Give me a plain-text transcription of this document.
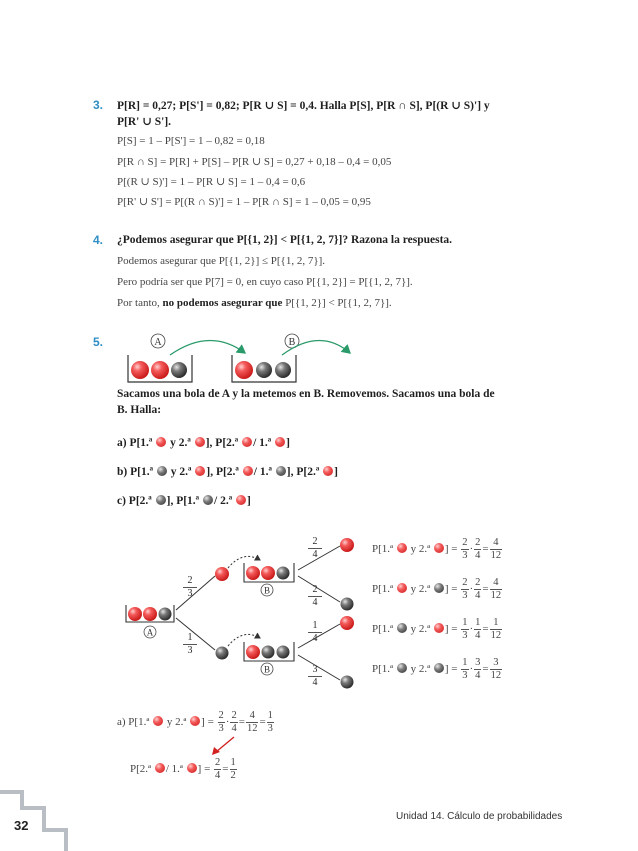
3. P[R] = 0,27; P[S'] = 0,82; P[R ∪ S] = 0,4. Halla P[S], P[R ∩ S], P[(R ∪ S)'] y
P[R' ∪ S'].
P[S] = 1 – P[S'] = 1 – 0,82 = 0,18
P[R ∩ S] = P[R] + P[S] – P[R ∪ S] = 0,27 + 0,18 – 0,4 = 0,05
P[(R ∪ S)'] = 1 – P[R ∪ S] = 1 – 0,4 = 0,6
P[R' ∪ S'] = P[(R ∩ S)'] = 1 – P[R ∩ S] = 1 – 0,05 = 0,95
4. ¿Podemos asegurar que P[{1, 2}] < P[{1, 2, 7}]? Razona la respuesta.
Podemos asegurar que P[{1, 2}] ≤ P[{1, 2, 7}].
Pero podría ser que P[7] = 0, en cuyo caso P[{1, 2}] = P[{1, 2, 7}].
Por tanto, no podemos asegurar que P[{1, 2}] < P[{1, 2, 7}].
5.	A	B
Sacamos una bola de A y la metemos en B. Removemos. Sacamos una bola de
B. Halla:
a) P[1.ª y 2.ª ], P[2.ª / 1.ª ]
b) P[1.ª y 2.ª ], P[2.ª / 1.ª ], P[2.ª ]
c) P[2.ª ], P[1.ª / 2.ª ]
A
B
B
2
3
1
3
2
4
2
4
1
4
3
4
P[1.ª y 2.ª ] = $\frac{2}{3} \cdot \frac{2}{4} = \frac{4}{12}$
P[1.ª y 2.ª ] = $\frac{2}{3} \cdot \frac{2}{4} = \frac{4}{12}$
P[1.ª y 2.ª ] = $\frac{1}{3} \cdot \frac{1}{4} = \frac{1}{12}$
P[1.ª y 2.ª ] = $\frac{1}{3} \cdot \frac{3}{4} = \frac{3}{12}$
a) P[1.ª y 2.ª ] = $\frac{2}{3} \cdot \frac{2}{4} = \frac{4}{12} = \frac{1}{3}$
P[2.ª / 1.ª ] = $\frac{2}{4} = \frac{1}{2}$
Unidad 14. Cálculo de probabilidades
32
